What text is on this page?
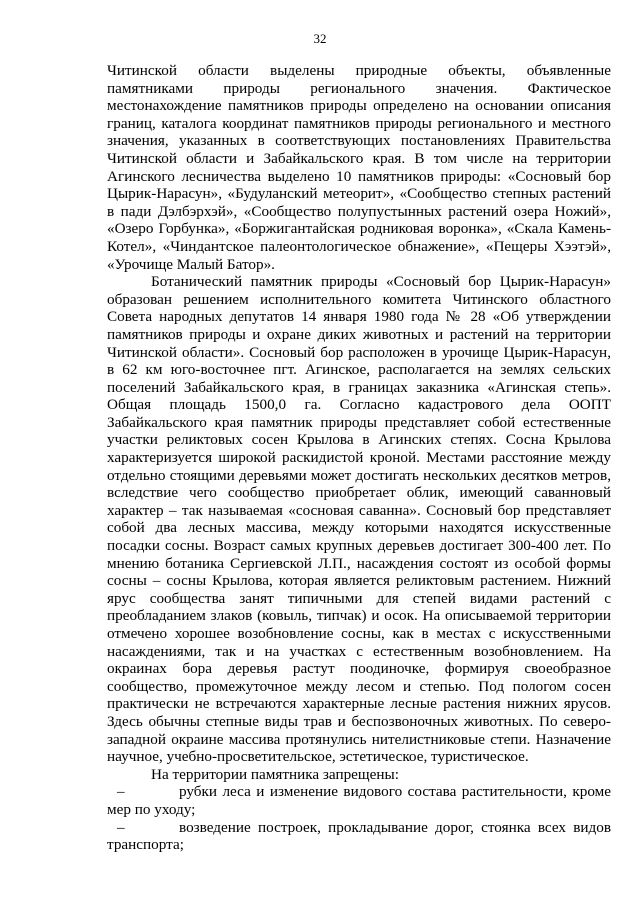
32

Читинской области выделены природные объекты, объявленные памятниками природы регионального значения. Фактическое местонахождение памятников природы определено на основании описания границ, каталога координат памятников природы регионального и местного значения, указанных в соответствующих постановлениях Правительства Читинской области и Забайкальского края. В том числе на территории Агинского лесничества выделено 10 памятников природы: «Сосновый бор Цырик-Нарасун», «Будуланский метеорит», «Сообщество степных растений в пади Дэлбэрхэй», «Сообщество полупустынных растений озера Ножий», «Озеро Горбунка», «Боржигантайская родниковая воронка», «Скала Камень-Котел», «Чиндантское палеонтологическое обнажение», «Пещеры Хээтэй», «Урочище Малый Батор».

Ботанический памятник природы «Сосновый бор Цырик-Нарасун» образован решением исполнительного комитета Читинского областного Совета народных депутатов 14 января 1980 года № 28 «Об утверждении памятников природы и охране диких животных и растений на территории Читинской области». Сосновый бор расположен в урочище Цырик-Нарасун, в 62 км юго-восточнее пгт. Агинское, располагается на землях сельских поселений Забайкальского края, в границах заказника «Агинская степь». Общая площадь 1500,0 га. Согласно кадастрового дела ООПТ Забайкальского края памятник природы представляет собой естественные участки реликтовых сосен Крылова в Агинских степях. Сосна Крылова характеризуется широкой раскидистой кроной. Местами расстояние между отдельно стоящими деревьями может достигать нескольких десятков метров, вследствие чего сообщество приобретает облик, имеющий саванновый характер – так называемая «сосновая саванна». Сосновый бор представляет собой два лесных массива, между которыми находятся искусственные посадки сосны. Возраст самых крупных деревьев достигает 300-400 лет. По мнению ботаника Сергиевской Л.П., насаждения состоят из особой формы сосны – сосны Крылова, которая является реликтовым растением. Нижний ярус сообщества занят типичными для степей видами растений с преобладанием злаков (ковыль, типчак) и осок. На описываемой территории отмечено хорошее возобновление сосны, как в местах с искусственными насаждениями, так и на участках с естественным возобновлением. На окраинах бора деревья растут поодиночке, формируя своеобразное сообщество, промежуточное между лесом и степью. Под пологом сосен практически не встречаются характерные лесные растения нижних ярусов. Здесь обычны степные виды трав и беспозвоночных животных. По северо-западной окраине массива протянулись нителистниковые степи. Назначение научное, учебно-просветительское, эстетическое, туристическое.

На территории памятника запрещены:

–	рубки леса и изменение видового состава растительности, кроме мер по уходу;
–	возведение построек, прокладывание дорог, стоянка всех видов транспорта;
